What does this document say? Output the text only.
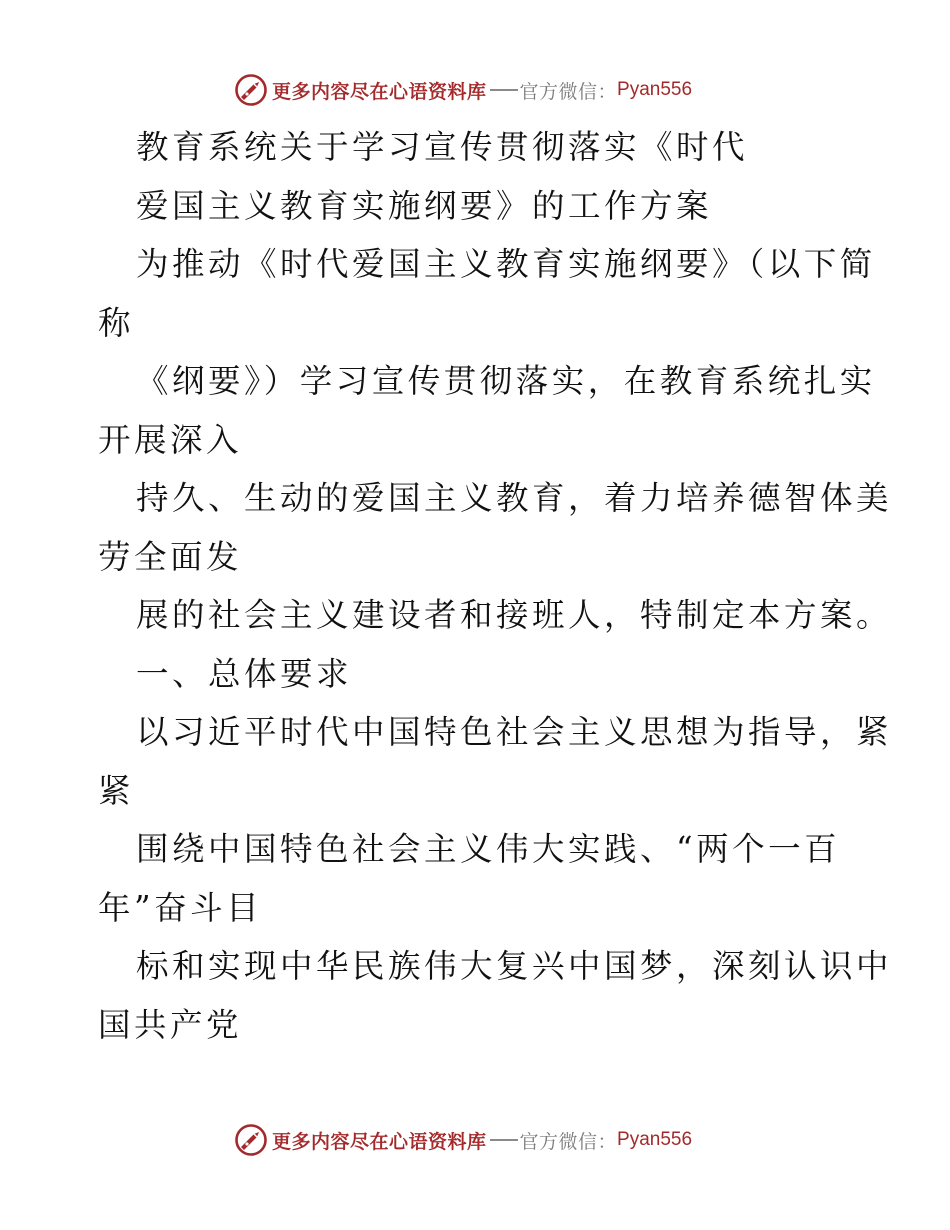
更多内容尽在心语资料库 官方微信： Pyan556
教育系统关于学习宣传贯彻落实《时代
爱国主义教育实施纲要》的工作方案
为推动《时代爱国主义教育实施纲要》（以下简
称
《纲要》）学习宣传贯彻落实，在教育系统扎实
开展深入
持久、生动的爱国主义教育，着力培养德智体美
劳全面发
展的社会主义建设者和接班人，特制定本方案。
一、总体要求
以习近平时代中国特色社会主义思想为指导，紧
紧
围绕中国特色社会主义伟大实践、“两个一百
年”奋斗目
标和实现中华民族伟大复兴中国梦，深刻认识中
国共产党
更多内容尽在心语资料库 官方微信： Pyan556
